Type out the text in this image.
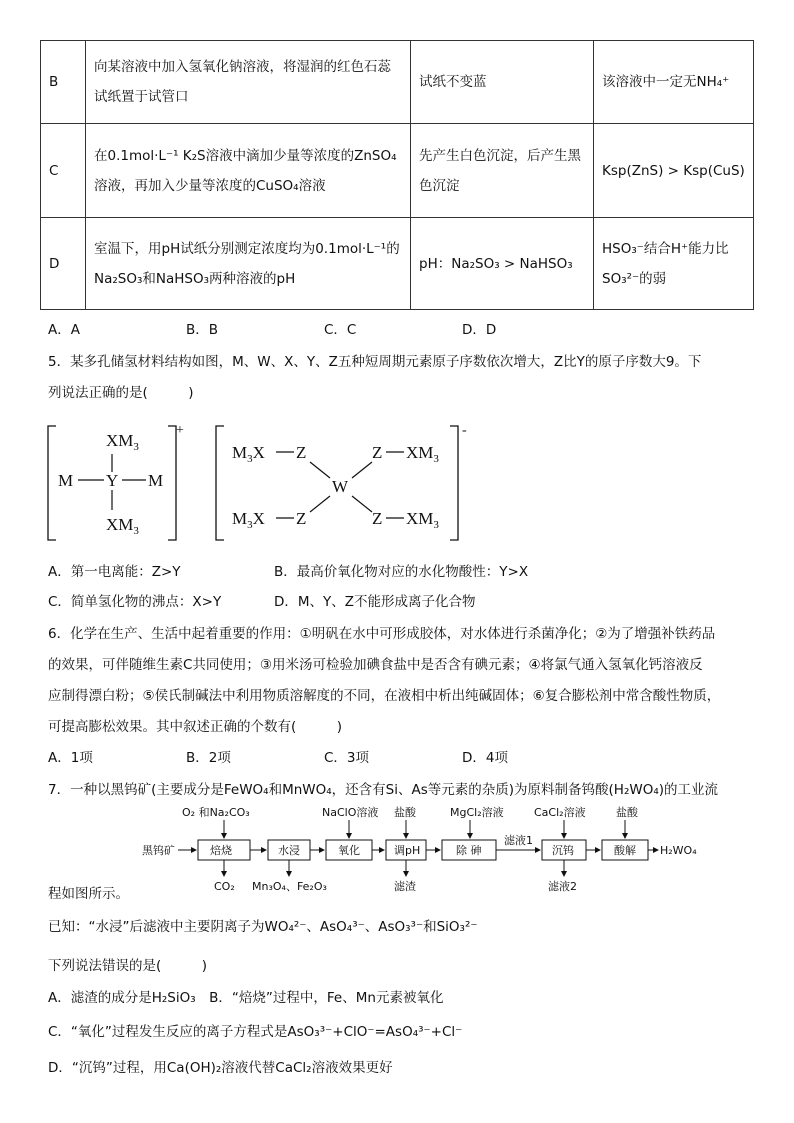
B	向某溶液中加入氢氧化钠溶液，将湿润的红色石蕊试纸置于试管口	试纸不变蓝	该溶液中一定无NH₄⁺
C	在0.1mol·L⁻¹ K₂S溶液中滴加少量等浓度的ZnSO₄溶液，再加入少量等浓度的CuSO₄溶液	先产生白色沉淀，后产生黑色沉淀	Ksp(ZnS) > Ksp(CuS)
D	室温下，用pH试纸分别测定浓度均为0.1mol·L⁻¹的Na₂SO₃和NaHSO₃两种溶液的pH	pH：Na₂SO₃ > NaHSO₃	HSO₃⁻结合H⁺能力比SO₃²⁻的弱
A．A	B．B	C．C	D．D
5．某多孔储氢材料结构如图，M、W、X、Y、Z五种短周期元素原子序数依次增大，Z比Y的原子序数大9。下
列说法正确的是(　　　)
+
$XM_3$
M Y M
$XM_3$
-
$M_3X$ Z	Z $XM_3$
W
$M_3X$ Z	Z $XM_3$
A．第一电离能：Z>Y	B．最高价氧化物对应的水化物酸性：Y>X
C．简单氢化物的沸点：X>Y	D．M、Y、Z不能形成离子化合物
6．化学在生产、生活中起着重要的作用：①明矾在水中可形成胶体，对水体进行杀菌净化；②为了增强补铁药品
的效果，可伴随维生素C共同使用；③用米汤可检验加碘食盐中是否含有碘元素；④将氯气通入氢氧化钙溶液反
应制得漂白粉；⑤侯氏制碱法中利用物质溶解度的不同，在液相中析出纯碱固体；⑥复合膨松剂中常含酸性物质，
可提高膨松效果。其中叙述正确的个数有(　　　)
A．1项	B．2项	C．3项	D．4项
7．一种以黑钨矿(主要成分是FeWO₄和MnWO₄，还含有Si、As等元素的杂质)为原料制备钨酸(H₂WO₄)的工业流
黑钨矿	焙烧	水浸	氧化	调pH	除 砷
滤液1
沉钨	酸解 H₂WO₄
O₂ 和Na₂CO₃	NaClO溶液 盐酸	MgCl₂溶液	CaCl₂溶液	盐酸
CO₂ Mn₃O₄、Fe₂O₃	滤渣	滤液2
程如图所示。
已知：“水浸”后滤液中主要阴离子为WO₄²⁻、AsO₄³⁻、AsO₃³⁻和SiO₃²⁻
下列说法错误的是(　　　)
A．滤渣的成分是H₂SiO₃　B．“焙烧”过程中，Fe、Mn元素被氧化
C．“氧化”过程发生反应的离子方程式是AsO₃³⁻+ClO⁻=AsO₄³⁻+Cl⁻
D．“沉钨”过程，用Ca(OH)₂溶液代替CaCl₂溶液效果更好
